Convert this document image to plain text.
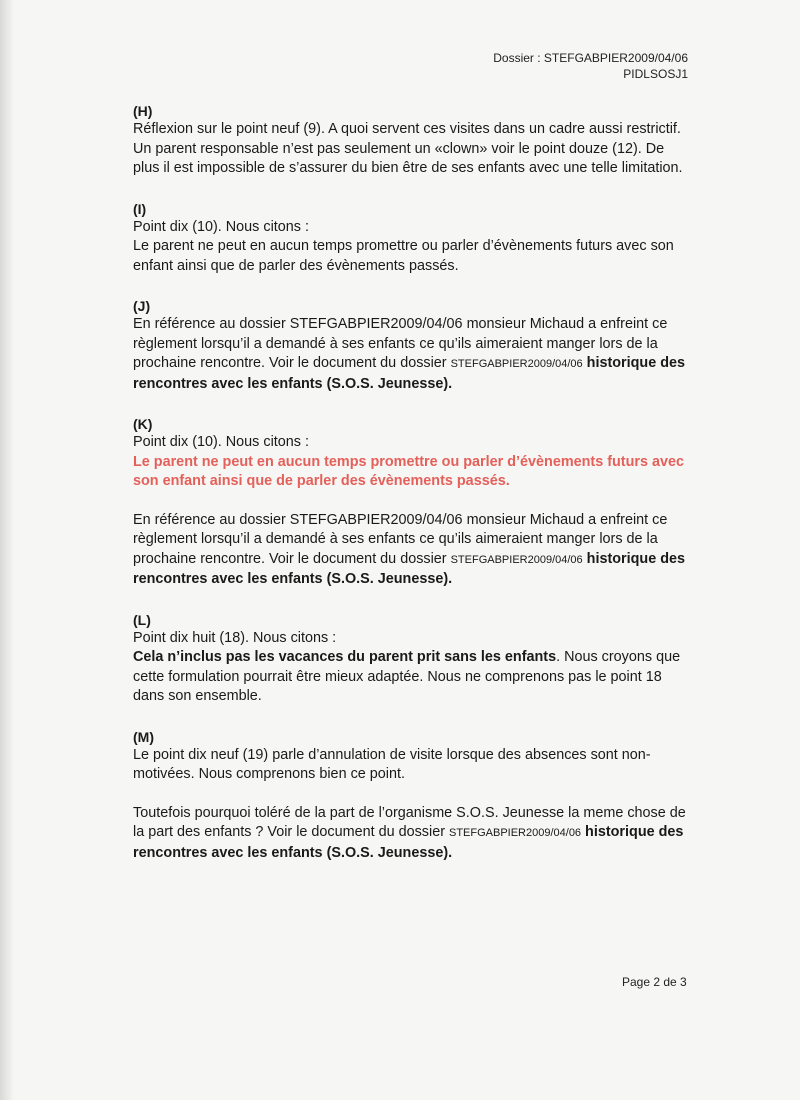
Dossier : STEFGABPIER2009/04/06
PIDLSOSJ1
(H)
Réflexion sur le point neuf (9). A quoi servent ces visites dans un cadre aussi restrictif. Un parent responsable n’est pas seulement un «clown» voir le point douze (12). De plus il est impossible de s’assurer du bien être de ses enfants avec une telle limitation.
(I)
Point dix (10). Nous citons :
Le parent ne peut en aucun temps promettre ou parler d’évènements futurs avec son enfant ainsi que de parler des évènements passés.
(J)
En référence au dossier STEFGABPIER2009/04/06 monsieur Michaud a enfreint ce règlement lorsqu’il a demandé à ses enfants ce qu’ils aimeraient manger lors de la prochaine rencontre. Voir le document du dossier STEFGABPIER2009/04/06 historique des rencontres avec les enfants (S.O.S. Jeunesse).
(K)
Point dix (10). Nous citons :
Le parent ne peut en aucun temps promettre ou parler d’évènements futurs avec son enfant ainsi que de parler des évènements passés.
En référence au dossier STEFGABPIER2009/04/06 monsieur Michaud a enfreint ce règlement lorsqu’il a demandé à ses enfants ce qu’ils aimeraient manger lors de la prochaine rencontre. Voir le document du dossier STEFGABPIER2009/04/06 historique des rencontres avec les enfants (S.O.S. Jeunesse).
(L)
Point dix huit (18). Nous citons :
Cela n’inclus pas les vacances du parent prit sans les enfants. Nous croyons que cette formulation pourrait être mieux adaptée. Nous ne comprenons pas le point 18 dans son ensemble.
(M)
Le point dix neuf (19) parle d’annulation de visite lorsque des absences sont non-motivées. Nous comprenons bien ce point.
Toutefois pourquoi toléré de la part de l’organisme S.O.S. Jeunesse la meme chose de la part des enfants ? Voir le document du dossier STEFGABPIER2009/04/06 historique des rencontres avec les enfants (S.O.S. Jeunesse).
Page 2 de 3
